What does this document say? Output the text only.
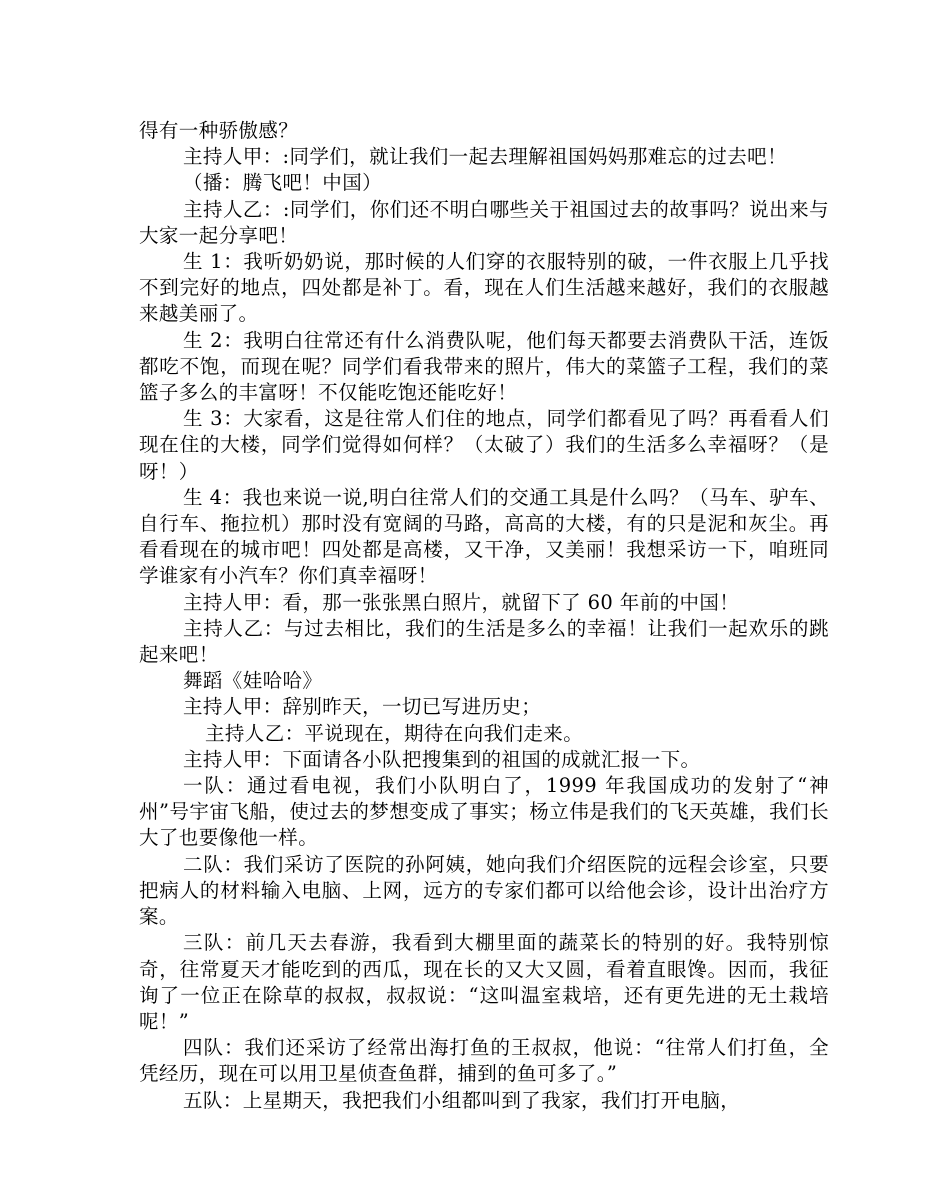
得有一种骄傲感？

主持人甲：:同学们，就让我们一起去理解祖国妈妈那难忘的过去吧！

（播：腾飞吧！中国）

主持人乙：:同学们，你们还不明白哪些关于祖国过去的故事吗？说出来与大家一起分享吧！

生 1：我听奶奶说，那时候的人们穿的衣服特别的破，一件衣服上几乎找不到完好的地点，四处都是补丁。看，现在人们生活越来越好，我们的衣服越来越美丽了。

生 2：我明白往常还有什么消费队呢，他们每天都要去消费队干活，连饭都吃不饱，而现在呢？同学们看我带来的照片，伟大的菜篮子工程，我们的菜篮子多么的丰富呀！不仅能吃饱还能吃好！

生 3：大家看，这是往常人们住的地点，同学们都看见了吗？再看看人们现在住的大楼，同学们觉得如何样？（太破了）我们的生活多么幸福呀？（是呀！）

生 4：我也来说一说,明白往常人们的交通工具是什么吗？（马车、驴车、自行车、拖拉机）那时没有宽阔的马路，高高的大楼，有的只是泥和灰尘。再看看现在的城市吧！四处都是高楼，又干净，又美丽！我想采访一下，咱班同学谁家有小汽车？你们真幸福呀！

主持人甲：看，那一张张黑白照片，就留下了 60 年前的中国！

主持人乙：与过去相比，我们的生活是多么的幸福！让我们一起欢乐的跳起来吧！

舞蹈《娃哈哈》

主持人甲：辞别昨天，一切已写进历史；

主持人乙：平说现在，期待在向我们走来。

主持人甲：下面请各小队把搜集到的祖国的成就汇报一下。

一队：通过看电视，我们小队明白了，1999 年我国成功的发射了“神州”号宇宙飞船，使过去的梦想变成了事实；杨立伟是我们的飞天英雄，我们长大了也要像他一样。

二队：我们采访了医院的孙阿姨，她向我们介绍医院的远程会诊室，只要把病人的材料输入电脑、上网，远方的专家们都可以给他会诊，设计出治疗方案。

三队：前几天去春游，我看到大棚里面的蔬菜长的特别的好。我特别惊奇，往常夏天才能吃到的西瓜，现在长的又大又圆，看着直眼馋。因而，我征询了一位正在除草的叔叔，叔叔说：“这叫温室栽培，还有更先进的无土栽培呢！”

四队：我们还采访了经常出海打鱼的王叔叔，他说：“往常人们打鱼，全凭经历，现在可以用卫星侦查鱼群，捕到的鱼可多了。”

五队：上星期天，我把我们小组都叫到了我家，我们打开电脑，
